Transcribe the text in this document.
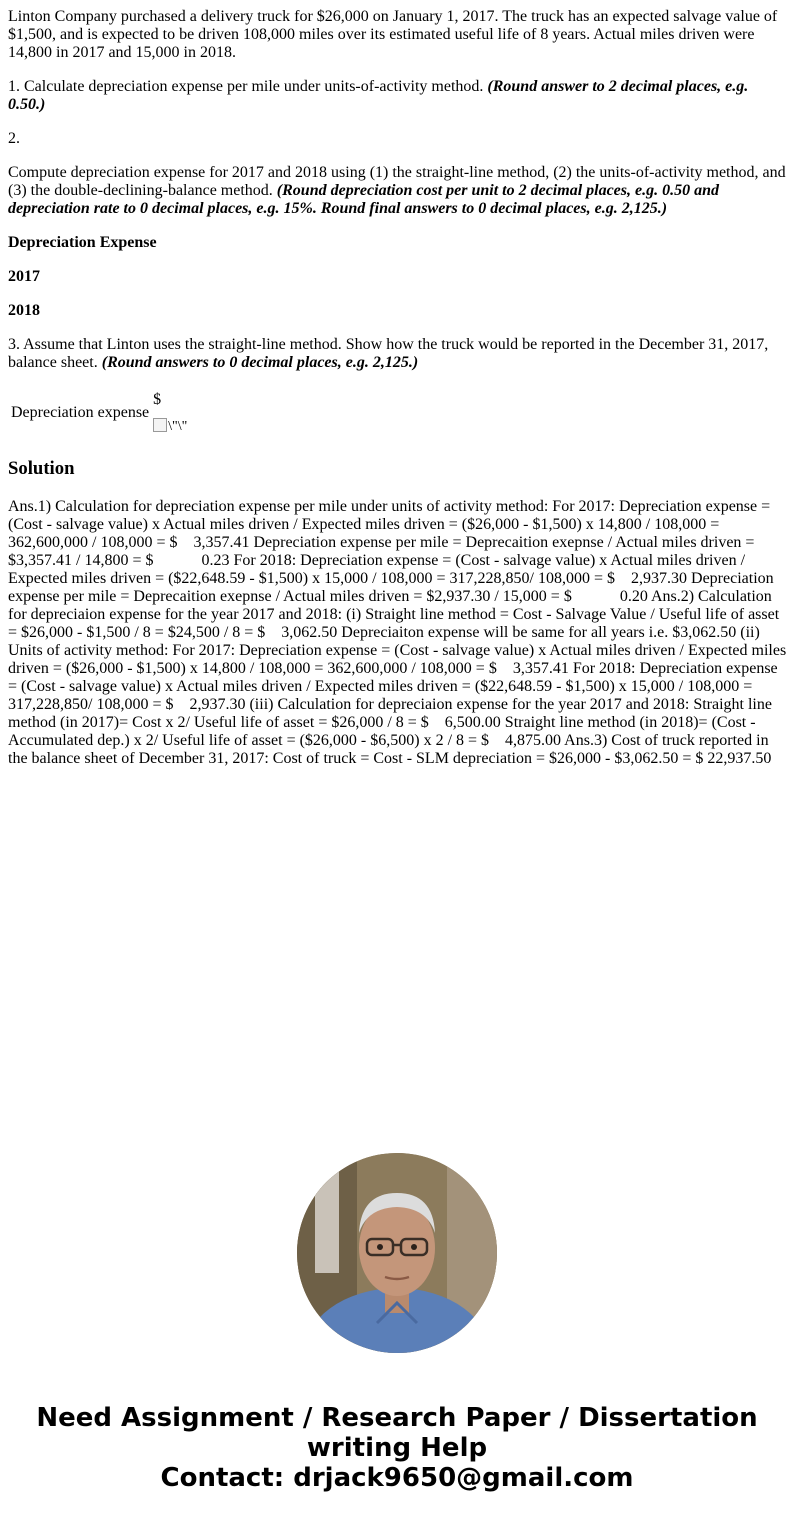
Linton Company purchased a delivery truck for $26,000 on January 1, 2017. The truck has an expected salvage value of $1,500, and is expected to be driven 108,000 miles over its estimated useful life of 8 years. Actual miles driven were 14,800 in 2017 and 15,000 in 2018.

1. Calculate depreciation expense per mile under units-of-activity method. (Round answer to 2 decimal places, e.g. 0.50.)

2.

Compute depreciation expense for 2017 and 2018 using (1) the straight-line method, (2) the units-of-activity method, and (3) the double-declining-balance method. (Round depreciation cost per unit to 2 decimal places, e.g. 0.50 and depreciation rate to 0 decimal places, e.g. 15%. Round final answers to 0 decimal places, e.g. 2,125.)

Depreciation Expense

2017

2018

3. Assume that Linton uses the straight-line method. Show how the truck would be reported in the December 31, 2017, balance sheet. (Round answers to 0 decimal places, e.g. 2,125.)

Depreciation expense	
$
\"\"
Solution

Ans.1) Calculation for depreciation expense per mile under units of activity method: For 2017: Depreciation expense = (Cost - salvage value) x Actual miles driven / Expected miles driven = ($26,000 - $1,500) x 14,800 / 108,000 = 362,600,000 / 108,000 = $    3,357.41 Depreciation expense per mile = Deprecaition exepnse / Actual miles driven = $3,357.41 / 14,800 = $            0.23 For 2018: Depreciation expense = (Cost - salvage value) x Actual miles driven / Expected miles driven = ($22,648.59 - $1,500) x 15,000 / 108,000 = 317,228,850/ 108,000 = $    2,937.30 Depreciation expense per mile = Deprecaition exepnse / Actual miles driven = $2,937.30 / 15,000 = $            0.20 Ans.2) Calculation for depreciaion expense for the year 2017 and 2018: (i) Straight line method = Cost - Salvage Value / Useful life of asset = $26,000 - $1,500 / 8 = $24,500 / 8 = $    3,062.50 Depreciaiton expense will be same for all years i.e. $3,062.50 (ii) Units of activity method: For 2017: Depreciation expense = (Cost - salvage value) x Actual miles driven / Expected miles driven = ($26,000 - $1,500) x 14,800 / 108,000 = 362,600,000 / 108,000 = $    3,357.41 For 2018: Depreciation expense = (Cost - salvage value) x Actual miles driven / Expected miles driven = ($22,648.59 - $1,500) x 15,000 / 108,000 = 317,228,850/ 108,000 = $    2,937.30 (iii) Calculation for depreciaion expense for the year 2017 and 2018: Straight line method (in 2017)= Cost x 2/ Useful life of asset = $26,000 / 8 = $    6,500.00 Straight line method (in 2018)= (Cost - Accumulated dep.) x 2/ Useful life of asset = ($26,000 - $6,500) x 2 / 8 = $    4,875.00 Ans.3) Cost of truck reported in the balance sheet of December 31, 2017: Cost of truck = Cost - SLM depreciation = $26,000 - $3,062.50 = $ 22,937.50

Need Assignment / Research Paper / Dissertation
writing Help
Contact: drjack9650@gmail.com
